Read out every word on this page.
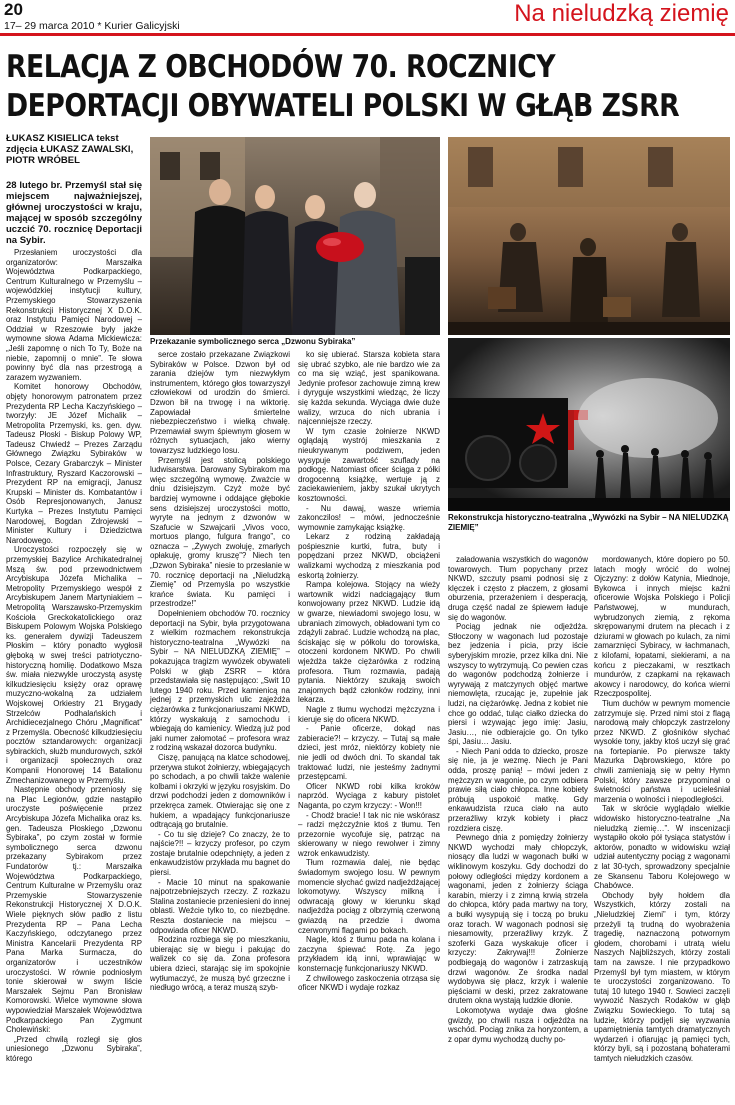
20
17– 29 marca 2010 * Kurier Galicyjski	Na nieludzką ziemię
RELACJA Z OBCHODÓW 70. ROCZNICY
DEPORTACJI OBYWATELI POLSKI W GŁĄB ZSRR
ŁUKASZ KISIELICA tekst
zdjęcia ŁUKASZ ZAWALSKI,
PIOTR WRÓBEL
Przekazanie symbolicznego serca „Dzwonu Sybiraka”
Rekonstrukcja historyczno-teatralna „Wywózki na Sybir – NA NIELUDZKĄ ZIEMIĘ”

28 lutego br. Przemyśl stał się miejscem najważniejszej, głównej uroczystości w kraju, mającej w sposób szczególny uczcić 70. rocznicę Deportacji na Sybir.

Przesłaniem uroczystości dla organizatorów: Marszałka Województwa Podkarpackiego, Centrum Kulturalnego w Przemyślu – wojewódzkiej instytucji kultury, Przemyskiego Stowarzyszenia Rekonstrukcji Historycznej X D.O.K. oraz Instytutu Pamięci Narodowej – Oddział w Rzeszowie były jakże wymowne słowa Adama Mickiewicza: „Jeśli zapomnę o nich To Ty, Boże na niebie, zapomnij o mnie”. Te słowa powinny być dla nas przestrogą a zarazem wyzwaniem.

Komitet honorowy Obchodów, objęty honorowym patronatem przez Prezydenta RP Lecha Kaczyńskiego – tworzyły: JE Józef Michalik – Metropolita Przemyski, ks. gen. dyw. Tadeusz Płoski - Biskup Polowy WP, Tadeusz Chwiedź – Prezes Zarządu Głównego Związku Sybiraków w Polsce, Cezary Grabarczyk – Minister Infrastruktury, Ryszard Kaczorowski – Prezydent RP na emigracji, Janusz Krupski – Minister ds. Kombatantów i Osób Represjonowanych, Janusz Kurtyka – Prezes Instytutu Pamięci Narodowej, Bogdan Zdrojewski – Minister Kultury i Dziedzictwa Narodowego.

Uroczystości rozpoczęły się w przemyskiej Bazylice Archikatedralnej Mszą św. pod przewodnictwem Arcybiskupa Józefa Michalika – Metropolity Przemyskiego wespół z Arcybiskupem Janem Martyniakiem – Metropolitą Warszawsko-Przemyskim Kościoła Greckokatolickiego oraz Biskupem Polowym Wojska Polskiego ks. generałem dywizji Tadeuszem Płoskim – który ponadto wygłosił głęboką w swej treści patriotyczno-historyczną homilię. Dodatkowo Msza św. miała niezwykle uroczystą asystę kilkudziesięciu księży oraz oprawę muzyczno-wokalną za udziałem Wojskowej Orkiestry 21 Brygady Strzelców Podhalańskich i Archidiecezjalnego Chóru „Magnificat” z Przemyśla. Obecność kilkudziesięciu pocztów sztandarowych: organizacji sybirackich, służb mundurowych, szkół i organizacji społecznych oraz Kompanii Honorowej 14 Batalionu Zmechanizowanego w Przemyślu.

Następnie obchody przeniosły się na Plac Legionów, gdzie nastąpiło uroczyste poświęcenie przez Arcybiskupa Józefa Michalika oraz ks. gen. Tadeusza Płoskiego „Dzwonu Sybiraka”, po czym został w formie symbolicznego serca dzwonu przekazany Sybirakom przez Fundatorów tj.: Marszałka Województwa Podkarpackiego, Centrum Kulturalne w Przemyślu oraz Przemyskie Stowarzyszenie Rekonstrukcji Historycznej X D.O.K. Wiele pięknych słów padło z listu Prezydenta RP – Pana Lecha Kaczyńskiego, odczytanego przez Ministra Kancelarii Prezydenta RP Pana Marka Surmacza, do organizatorów i uczestników uroczystości. W równie podniosłym tonie skierował w swym liście Marszałek Sejmu Pan Bronisław Komorowski. Wielce wymowne słowa wypowiedział Marszałek Województwa Podkarpackiego Pan Zygmunt Cholewiński:

„Przed chwilą rozległ się głos uniesionego „Dzwonu Sybiraka”, którego

serce zostało przekazane Związkowi Sybiraków w Polsce. Dzwon był od zarania dziejów tym niezwykłym instrumentem, którego głos towarzyszył człowiekowi od urodzin do śmierci. Dzwon bił na trwogę i na wiktorię. Zapowiadał śmiertelne niebezpieczeństwo i wielką chwałę. Przemawiał swym śpiewnym głosem w różnych sytuacjach, jako wierny towarzysz ludzkiego losu.

Przemyśl jest stolicą polskiego ludwisarstwa. Darowany Sybirakom ma więc szczególną wymowę. Zważcie w dniu dzisiejszym. Czyż może być bardziej wymowne i oddające głębokie sens dzisiejszej uroczystości motto, wyryte na jednym z dzwonów w Szafucie w Szwajcarii „Vivos voco, mortuos plango, fulgura frango”, co oznacza – „Żywych zwołuję, zmarłych opłakuję, gromy kruszę”? Niech ten „Dzwon Sybiraka” niesie to przesłanie w 70. rocznicę deportacji na „Nieludzką Ziemię” od Przemyśla po wszystkie krańce świata. Ku pamięci i przestrodze!”

Dopełnieniem obchodów 70. rocznicy deportacji na Sybir, była przygotowana z wielkim rozmachem rekonstrukcja historyczno-teatralna „Wywózki na Sybir – NA NIELUDZKĄ ZIEMIĘ” – pokazująca tragizm wywózek obywateli Polski w głąb ZSRR – która przedstawiała się następująco: „Swit 10 lutego 1940 roku. Przed kamienicą na jednej z przemyskich ulic zajeżdża ciężarówka z funkcjonariuszami NKWD, którzy wyskakują z samochodu i wbiegają do kamienicy. Wiedzą już pod jaki numer załomotać – profesora wraz z rodziną wskazał dozorca budynku.

Ciszę, panującą na klatce schodowej, przerywa stukot żołnierzy, wbiegających po schodach, a po chwili także walenie kolbami i okrzyki w języku rosyjskim. Do drzwi podchodzi jeden z domowników i przekręca zamek. Otwierając się one z hukiem, a wpadający funkcjonariusze odtrącają go brutalnie.

- Co tu się dzieje? Co znaczy, że to najście?!! – krzyczy profesor, po czym zostaje brutalnie odepchnięty, a jeden z enkawudzistów przykłada mu bagnet do piersi.

- Macie 10 minut na spakowanie najpotrzebniejszych rzeczy. Z rozkazu Stalina zostaniecie przeniesieni do innej oblasti. Weźcie tylko to, co niezbędne. Reszta dostaniecie na miejscu – odpowiada oficer NKWD.

Rodzina rozbiega się po mieszkaniu, ubierając się w biegu i pakując do walizek co się da. Zona profesora ubiera dzieci, starając się im spokojnie wytłumaczyć, że muszą być grzeczne i niedługo wrócą, a teraz muszą szyb-

ko się ubierać. Starsza kobieta stara się ubrać szybko, ale nie bardzo wie za co ma się wziąć, jest spanikowana. Jedynie profesor zachowuje zimną krew i dyryguje wszystkimi wiedząc, że liczy się każda sekunda. Wyciąga dwie duże walizy, wrzuca do nich ubrania i najcenniejsze rzeczy.

W tym czasie żołnierze NKWD oglądają wystrój mieszkania z nieukrywanym podziwem, jeden wysypuje zawartość szuflady na podłogę. Natomiast oficer ściąga z półki drogocenną książkę, wertuje ją z zaciekawieniem, jakby szukał ukrytych kosztowności.

- Nu dawaj, wasze wriemia zakonczilos! – mówi, jednocześnie wymownie zamykając książkę.

Lekarz z rodziną zakładają pośpiesznie kurtki, futra, buty i popędzani przez NKWD, obciążeni walizkami wychodzą z mieszkania pod eskortą żołnierzy.

Rampa kolejowa. Stojący na wieży wartownik widzi nadciągający tłum konwojowany przez NKWD. Ludzie idą w gwarze, niewiadomi swojego losu, w ubraniach zimowych, obładowani tym co zdążyli zabrać. Ludzie wchodzą na plac, ściskając się w półkolu do torowiska, otoczeni kordonem NKWD. Po chwili wjeżdża także ciężarówka z rodziną profesora. Tłum rozmawia, padają pytania. Niektórzy szukają swoich znajomych bądź członków rodziny, inni lekarza.

Nagle z tłumu wychodzi mężczyzna i kieruje się do oficera NKWD.

- Panie oficerze, dokąd nas zabieracie?! – krzyczy. – Tutaj są małe dzieci, jest mróz, niektórzy kobiety nie nie jedli od dwóch dni. To skandal tak traktować ludzi, nie jesteśmy żadnymi przestępcami.

Oficer NKWD robi kilka kroków naprzód. Wyciąga z kabury pistolet Naganta, po czym krzyczy: - Won!!!

- Chodź bracie! I tak nic nie wskórasz – radzi mężczyźnie ktoś z tłumu. Ten przezornie wycofuje się, patrząc na skierowany w niego rewolwer i zimny wzrok enkawudzisty.

Tłum rozmawia dalej, nie będąc świadomym swojego losu. W pewnym momencie słychać gwizd nadjeżdżającej lokomotywy. Wszyscy milkną i odwracają głowy w kierunku skąd nadjeżdża pociąg z olbrzymią czerwoną gwiazdą na przedzie i dwoma czerwonymi flagami po bokach.

Nagle, ktoś z tłumu pada na kolana i zaczyna śpiewać Rotę. Za jego przykładem idą inni, wprawiając w konsternację funkcjonariuszy NKWD.

Z chwilowego zaskoczenia otrząsa się oficer NKWD i wydaje rozkaz

załadowania wszystkich do wagonów towarowych. Tłum popychany przez NKWD, szczuty psami podnosi się z klęczek i często z płaczem, z głosami oburzenia, przerażeniem i desperacją, druga część nadal ze śpiewem ładuje się do wagonów.

Pociąg jednak nie odjeżdża. Stłoczony w wagonach lud pozostaje bez jedzenia i picia, przy iście syberyjskim mrozie, przez kilka dni. Nie wszyscy to wytrzymują. Co pewien czas do wagonów podchodzą żołnierze i wyrywają z matczynych objęć martwe niemowlęta, rzucając je, zupełnie jak ludzi, na ciężarówkę. Jedna z kobiet nie chce go oddać, tuląc ciałko dziecka do piersi i wzywając jego imię: Jasiu, Jasiu…, nie odbierajcie go. On tylko śpi, Jasiu… Jasiu.

- Niech Pani odda to dziecko, prosze się nie, ja je wezmę. Niech je Pani odda, proszę panią! – mówi jeden z mężczyzn w wagonie, po czym odbiera prawie siłą ciało chłopca. Inne kobiety próbują uspokoić matkę. Gdy enkawudzista rzuca ciało na auto przeraźliwy krzyk kobiety i płacz rozdziera ciszę.

Pewnego dnia z pomiędzy żołnierzy NKWD wychodzi mały chłopczyk, niosący dla ludzi w wagonach bułki w wiklinowym koszyku. Gdy dochodzi do połowy odległości między kordonem a wagonami, jeden z żołnierzy ściąga karabin, mierzy i z zimną krwią strzela do chłopca, który pada martwy na tory, a bułki wysypują się i toczą po bruku oraz torach. W wagonach podnosi się niesamowity, przeraźliwy krzyk. Z szoferki Gaza wyskakuje oficer i krzyczy: Zakrywaj!!! Żołnierze podbiegają do wagonów i zatrzaskują drzwi wagonów. Ze środka nadal wydobywa się płacz, krzyk i walenie pięściami w deski, przez zakratowane drutem okna wystają ludzkie dłonie.

Lokomotywa wydaje dwa głośne gwizdy, po chwili rusza i odjeżdża na wschód. Pociąg znika za horyzontem, a z opar dymu wychodzą duchy po-

mordowanych, które dopiero po 50. latach mogły wrócić do wolnej Ojczyzny: z dołów Katynia, Miednoje, Bykowca i innych miejsc kaźni oficerowie Wojska Polskiego i Policji Państwowej, w mundurach, wybrudzonych ziemią, z rękoma skrępowanymi drutem na plecach i z dziurami w głowach po kulach, za nimi zamarznięci Sybiracy, w łachmanach, z kilofami, łopatami, siekierami, a na końcu z pieczakami, w resztkach mundurów, z czapkami na rękawach akowcy i narodowcy, do końca wierni Rzeczpospolitej.

Tłum duchów w pewnym momencie zatrzymuje się. Przed nimi stoi z flagą narodową mały chłopczyk zastrzelony przez NKWD. Z głośników słychać wysokie tony, jakby ktoś uczył się grać na fortepianie. Po pierwsze takty Mazurka Dąbrowskiego, które po chwili zamieniają się w pełny Hymn Polski, który zawsze przypominał o świetności państwa i ucieleśniał marzenia o wolności i niepodległości.

Tak w skrócie wyglądało wielkie widowisko historyczno-teatralne „Na nieludzką ziemię…”. W inscenizacji wystąpiło około pół tysiąca statystów i aktorów, ponadto w widowisku wziął udział autentyczny pociąg z wagonami z lat 30-tych, sprowadzony specjalnie ze Skansenu Taboru Kolejowego w Chabówce.

Obchody były hołdem dla Wszystkich, którzy zostali na „Nieludzkiej Ziemi” i tym, którzy przeżyli tą trudną do wyobrażenia tragedię, naznaczoną potwornym głodem, chorobami i utratą wielu Naszych Najbliższych, którzy zostali tam na zawsze. I nie przypadkowo Przemyśl był tym miastem, w którym te uroczystości zorganizowano. To tutaj 10 lutego 1940 r. Sowieci zaczęli wywozić Naszych Rodaków w głąb Związku Sowieckiego. To tutaj są ludzie, którzy podjęli się wyzwania upamiętnienia tamtych dramatycznych wydarzeń i ofiarując ją pamięci tych, którzy byli, są i pozostaną bohaterami tamtych niełudzkich czasów.
